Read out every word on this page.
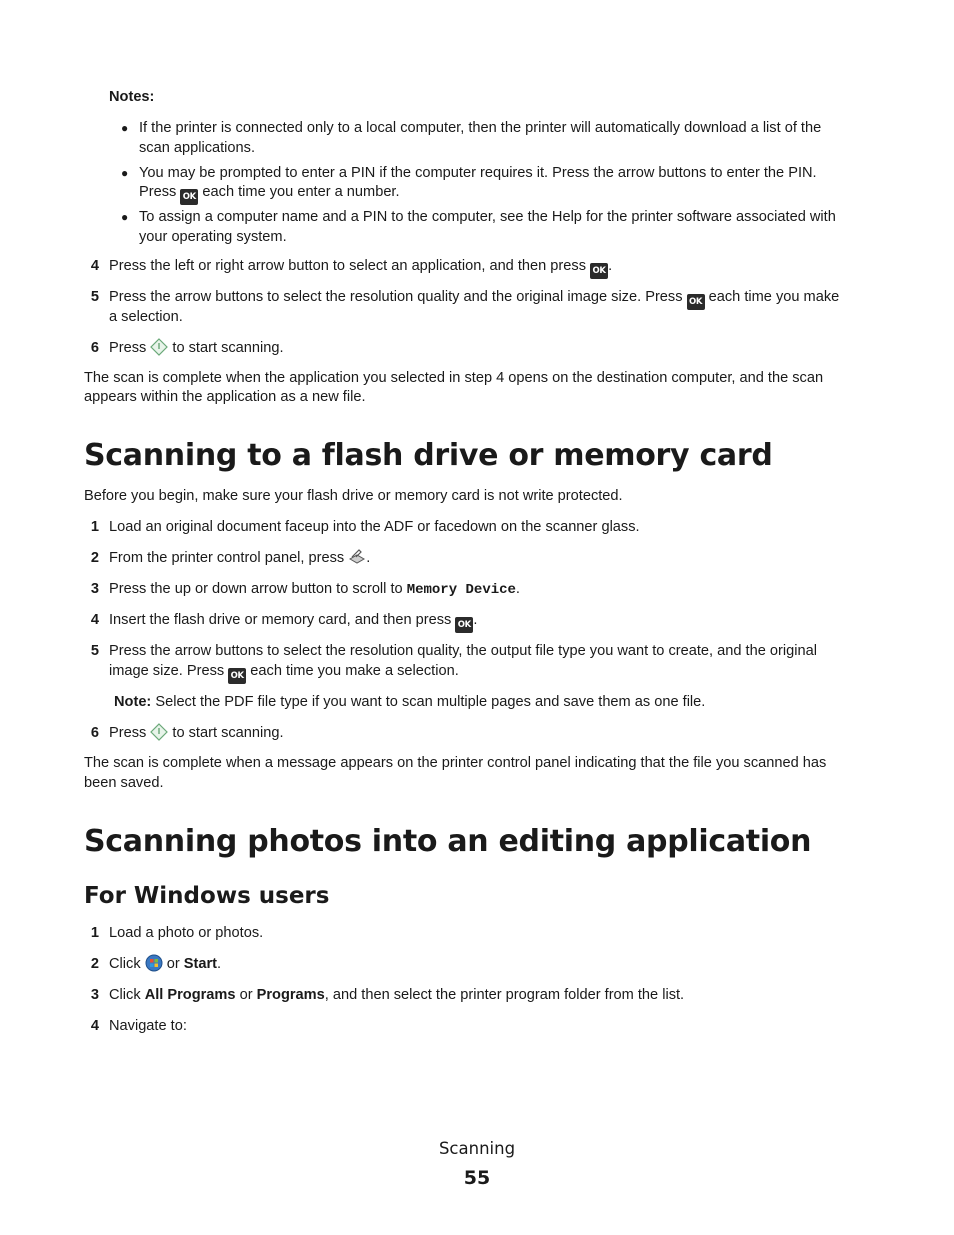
Notes:
● If the printer is connected only to a local computer, then the printer will automatically download a list of the
scan applications.
● You may be prompted to enter a PIN if the computer requires it. Press the arrow buttons to enter the PIN.
Press OK each time you enter a number.
● To assign a computer name and a PIN to the computer, see the Help for the printer software associated with
your operating system.
4 Press the left or right arrow button to select an application, and then press OK .
5 Press the arrow buttons to select the resolution quality and the original image size. Press OK each time you make
a selection.
6 Press  to start scanning.
The scan is complete when the application you selected in step 4 opens on the destination computer, and the scan
appears within the application as a new file.
Scanning to a flash drive or memory card
Before you begin, make sure your flash drive or memory card is not write protected.
1 Load an original document faceup into the ADF or facedown on the scanner glass.
2 From the printer control panel, press .
3 Press the up or down arrow button to scroll to Memory Device.
4 Insert the flash drive or memory card, and then press OK .
5 Press the arrow buttons to select the resolution quality, the output file type you want to create, and the original
image size. Press OK each time you make a selection.
Note: Select the PDF file type if you want to scan multiple pages and save them as one file.
6 Press  to start scanning.
The scan is complete when a message appears on the printer control panel indicating that the file you scanned has
been saved.
Scanning photos into an editing application
For Windows users
1 Load a photo or photos.
2 Click  or Start.
3 Click All Programs or Programs, and then select the printer program folder from the list.
4 Navigate to:
Scanning
55
